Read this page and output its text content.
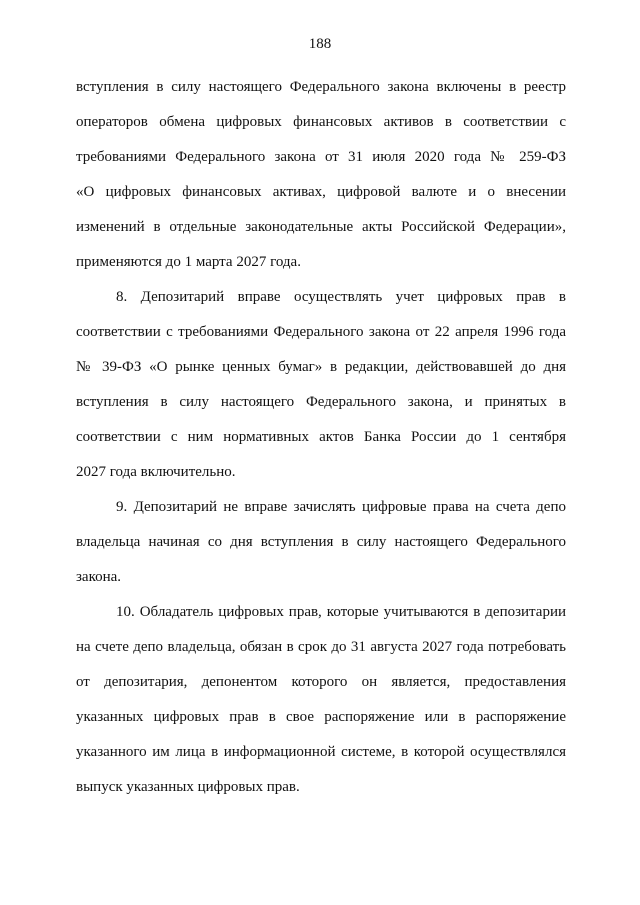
188
вступления в силу настоящего Федерального закона включены в реестр
операторов обмена цифровых финансовых активов в соответствии с
требованиями Федерального закона от 31 июля 2020 года № 259-ФЗ
«О цифровых финансовых активах, цифровой валюте и о внесении
изменений в отдельные законодательные акты Российской Федерации»,
применяются до 1 марта 2027 года.
8. Депозитарий вправе осуществлять учет цифровых прав в
соответствии с требованиями Федерального закона от 22 апреля 1996 года
№ 39-ФЗ «О рынке ценных бумаг» в редакции, действовавшей до дня
вступления в силу настоящего Федерального закона, и принятых в
соответствии с ним нормативных актов Банка России до 1 сентября
2027 года включительно.
9. Депозитарий не вправе зачислять цифровые права на счета депо
владельца начиная со дня вступления в силу настоящего Федерального
закона.
10. Обладатель цифровых прав, которые учитываются в депозитарии
на счете депо владельца, обязан в срок до 31 августа 2027 года потребовать
от депозитария, депонентом которого он является, предоставления
указанных цифровых прав в свое распоряжение или в распоряжение
указанного им лица в информационной системе, в которой осуществлялся
выпуск указанных цифровых прав.
